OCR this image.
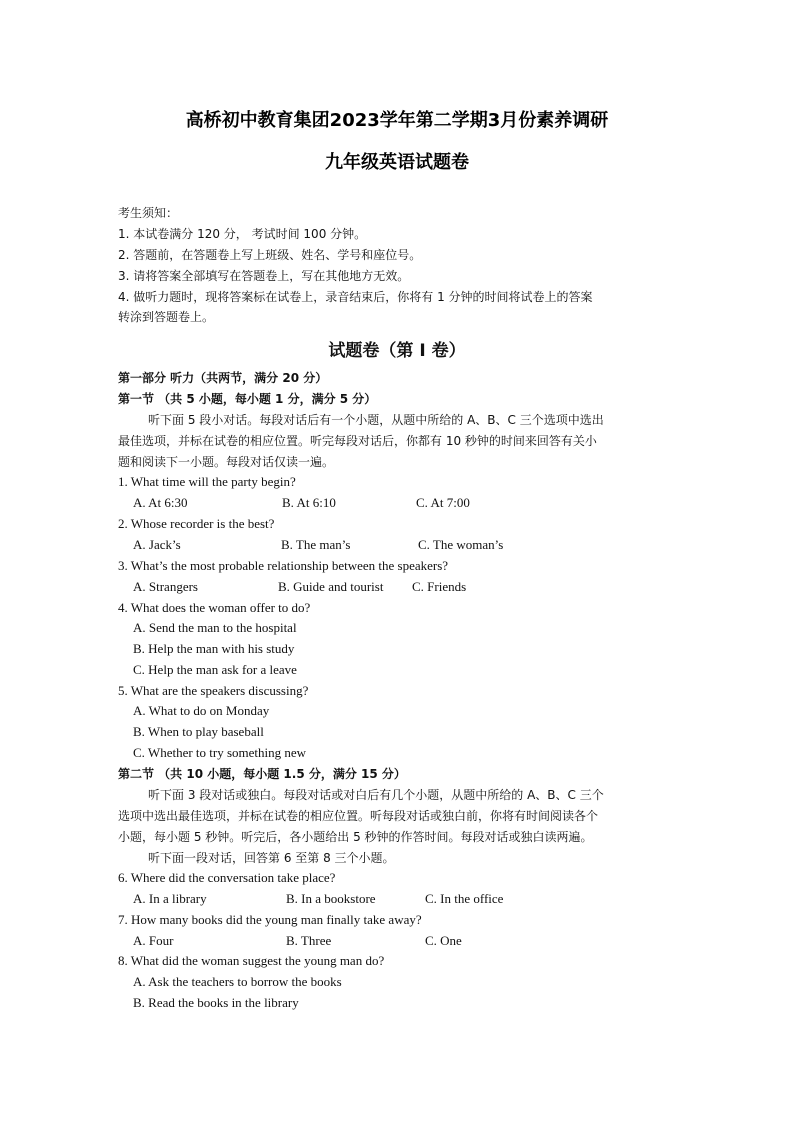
高桥初中教育集团2023学年第二学期3月份素养调研
九年级英语试题卷
考生须知：
1. 本试卷满分 120 分， 考试时间 100 分钟。
2. 答题前，在答题卷上写上班级、姓名、学号和座位号。
3. 请将答案全部填写在答题卷上，写在其他地方无效。
4. 做听力题时，现将答案标在试卷上，录音结束后，你将有 1 分钟的时间将试卷上的答案
转涂到答题卷上。
试题卷（第 I 卷）
第一部分 听力（共两节，满分 20 分）
第一节 （共 5 小题，每小题 1 分，满分 5 分）
听下面 5 段小对话。每段对话后有一个小题，从题中所给的 A、B、C 三个选项中选出
最佳选项，并标在试卷的相应位置。听完每段对话后，你都有 10 秒钟的时间来回答有关小
题和阅读下一小题。每段对话仅读一遍。
1. What time will the party begin?
A. At 6:30	B. At 6:10	C. At 7:00
2. Whose recorder is the best?
A. Jack’s	B. The man’s	C. The woman’s
3. What’s the most probable relationship between the speakers?
A. Strangers	B. Guide and tourist C. Friends
4. What does the woman offer to do?
A. Send the man to the hospital
B. Help the man with his study
C. Help the man ask for a leave
5. What are the speakers discussing?
A. What to do on Monday
B. When to play baseball
C. Whether to try something new
第二节 （共 10 小题，每小题 1.5 分，满分 15 分）
听下面 3 段对话或独白。每段对话或对白后有几个小题，从题中所给的 A、B、C 三个
选项中选出最佳选项，并标在试卷的相应位置。听每段对话或独白前，你将有时间阅读各个
小题，每小题 5 秒钟。听完后，各小题给出 5 秒钟的作答时间。每段对话或独白读两遍。
听下面一段对话，回答第 6 至第 8 三个小题。
6. Where did the conversation take place?
A. In a library	B. In a bookstore	C. In the office
7. How many books did the young man finally take away?
A. Four	B. Three	C. One
8. What did the woman suggest the young man do?
A. Ask the teachers to borrow the books
B. Read the books in the library
